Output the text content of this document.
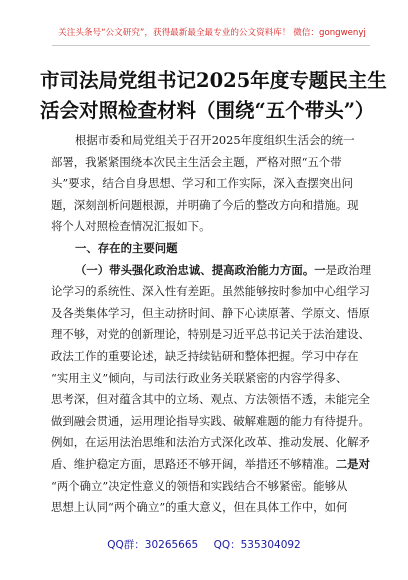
关注头条号“公文研究”，获得最新最全最专业的公文资料库！ 微信：gongwenyj
市司法局党组书记2025年度专题民主生
活会对照检查材料（围绕“五个带头”）
根据市委和局党组关于召开2025年度组织生活会的统一
部署，我紧紧围绕本次民主生活会主题，严格对照“五个带
头”要求，结合自身思想、学习和工作实际，深入查摆突出问
题，深刻剖析问题根源，并明确了今后的整改方向和措施。现
将个人对照检查情况汇报如下。
一、存在的主要问题
（一）带头强化政治忠诚、提高政治能力方面。一是政治理
论学习的系统性、深入性有差距。虽然能够按时参加中心组学习
及各类集体学习，但主动挤时间、静下心读原著、学原文、悟原
理不够，对党的创新理论，特别是习近平总书记关于法治建设、
政法工作的重要论述，缺乏持续钻研和整体把握。学习中存在
“实用主义”倾向，与司法行政业务关联紧密的内容学得多、
思考深，但对蕴含其中的立场、观点、方法领悟不透，未能完全
做到融会贯通，运用理论指导实践、破解难题的能力有待提升。
例如，在运用法治思维和法治方式深化改革、推动发展、化解矛
盾、维护稳定方面，思路还不够开阔，举措还不够精准。二是对
“两个确立”决定性意义的领悟和实践结合不够紧密。能够从
思想上认同“两个确立”的重大意义，但在具体工作中，如何
QQ群：30265665 QQ：535304092
